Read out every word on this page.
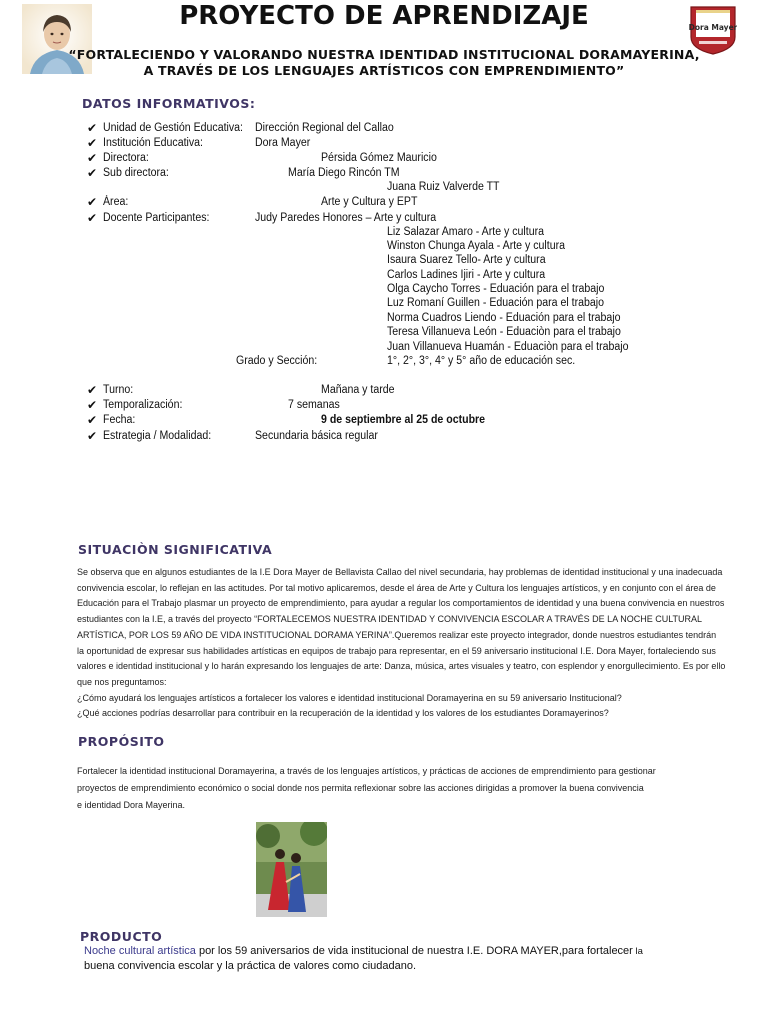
PROYECTO DE APRENDIZAJE
“FORTALECIENDO Y VALORANDO NUESTRA IDENTIDAD INSTITUCIONAL DORAMAYERINA,
A TRAVÉS DE LOS LENGUAJES ARTÍSTICOS CON EMPRENDIMIENTO”
Dora Mayer
DATOS INFORMATIVOS:
✔ Unidad de Gestión Educativa: Dirección Regional del Callao
✔ Institución Educativa:	Dora Mayer
✔ Directora:	Pérsida Gómez Mauricio
✔ Sub directora:	María Diego Rincón TM
Juana Ruiz Valverde TT
✔ Área:	Arte y Cultura y EPT
✔ Docente Participantes:	Judy Paredes Honores – Arte y cultura
Liz Salazar Amaro - Arte y cultura
Winston Chunga Ayala - Arte y cultura
Isaura Suarez Tello- Arte y cultura
Carlos Ladines Ijiri - Arte y cultura
Olga Caycho Torres - Eduación para el trabajo
Luz Romaní Guillen - Eduación para el trabajo
Norma Cuadros Liendo - Eduación para el trabajo
Teresa Villanueva León - Eduaciòn para el trabajo
Juan Villanueva Huamán - Eduaciòn para el trabajo
Grado y Sección:	1°, 2°, 3°, 4° y 5° año de educación sec.
✔ Turno:	Mañana y tarde
✔ Temporalización:	7 semanas
✔ Fecha:	9 de septiembre al 25 de octubre
✔ Estrategia / Modalidad:	Secundaria básica regular
SITUACIÒN SIGNIFICATIVA
Se observa que en algunos estudiantes de la I.E Dora Mayer de Bellavista Callao del nivel secundaria, hay problemas de identidad institucional y una inadecuada
convivencia escolar, lo reflejan en las actitudes. Por tal motivo aplicaremos, desde el área de Arte y Cultura los lenguajes artísticos, y en conjunto con el área de
Educación para el Trabajo plasmar un proyecto de emprendimiento, para ayudar a regular los comportamientos de identidad y una buena convivencia en nuestros
estudiantes con la I.E, a través del proyecto “FORTALECEMOS NUESTRA IDENTIDAD Y CONVIVENCIA ESCOLAR A TRAVÉS DE LA NOCHE CULTURAL
ARTÍSTICA, POR LOS 59 AÑO DE VIDA INSTITUCIONAL DORAMA YERINA”.Queremos realizar este proyecto integrador, donde nuestros estudiantes tendrán
la oportunidad de expresar sus habilidades artísticas en equipos de trabajo para representar, en el 59 aniversario institucional I.E. Dora Mayer, fortaleciendo sus
valores e identidad institucional y lo harán expresando los lenguajes de arte: Danza, música, artes visuales y teatro, con esplendor y enorgullecimiento. Es por ello
que nos preguntamos:
¿Cómo ayudará los lenguajes artísticos a fortalecer los valores e identidad institucional Doramayerina en su 59 aniversario Institucional?
¿Qué acciones podrías desarrollar para contribuir en la recuperación de la identidad y los valores de los estudiantes Doramayerinos?
PROPÓSITO
Fortalecer la identidad institucional Doramayerina, a través de los lenguajes artísticos, y prácticas de acciones de emprendimiento para gestionar
proyectos de emprendimiento económico o social donde nos permita reflexionar sobre las acciones dirigidas a promover la buena convivencia
e identidad Dora Mayerina.
PRODUCTO
Noche cultural artística por los 59 aniversarios de vida institucional de nuestra I.E. DORA MAYER,para fortalecer la
buena convivencia escolar y la práctica de valores como ciudadano.
